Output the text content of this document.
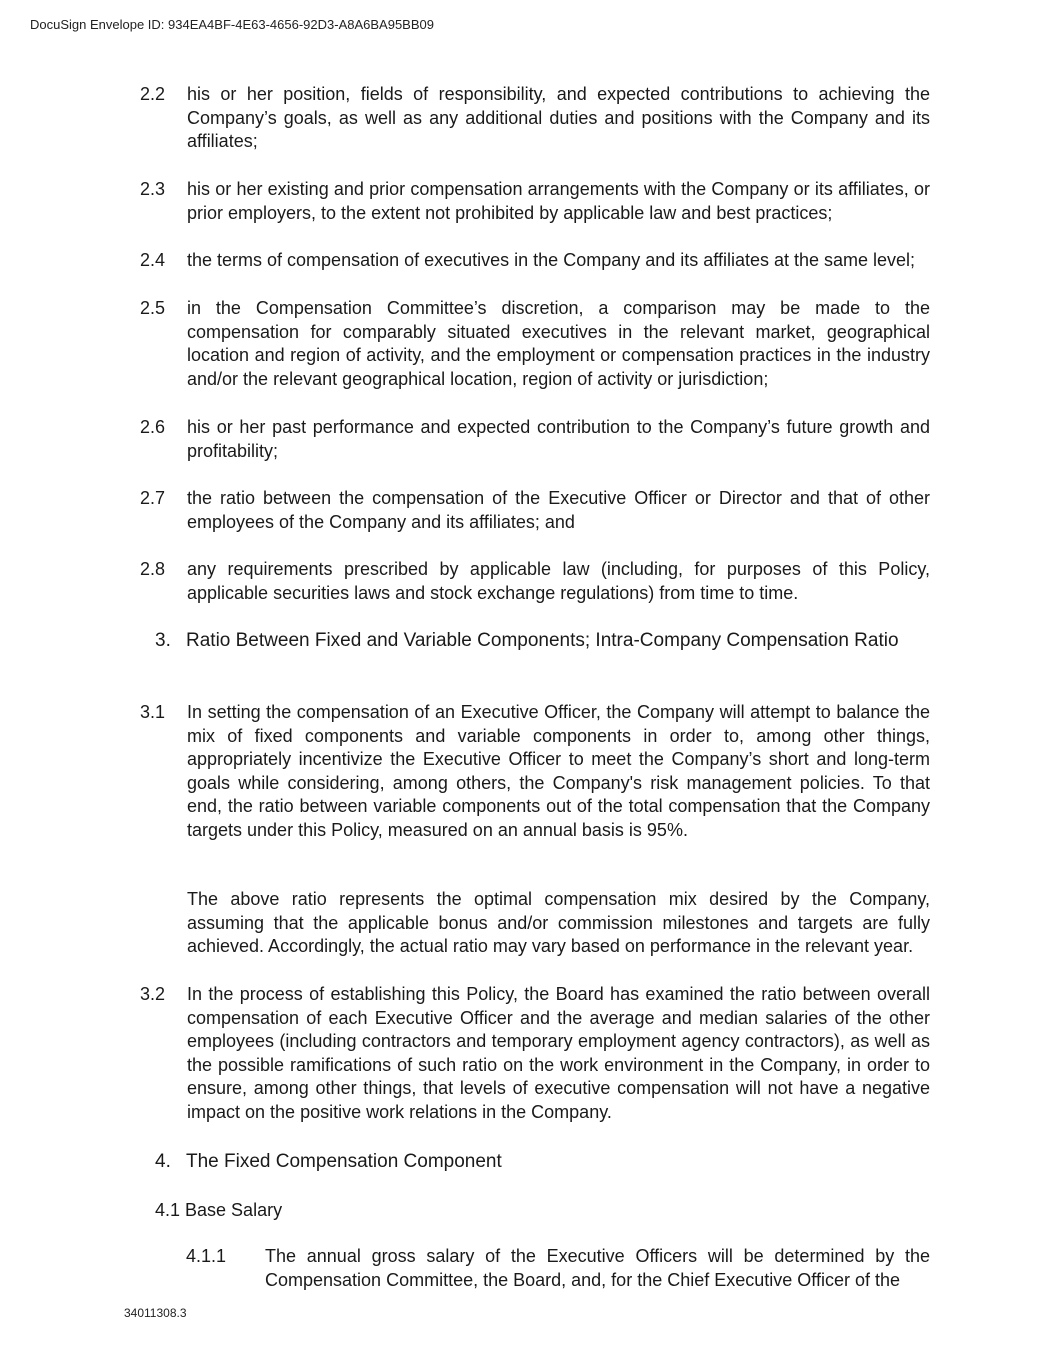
DocuSign Envelope ID: 934EA4BF-4E63-4656-92D3-A8A6BA95BB09
2.2 his or her position, fields of responsibility, and expected contributions to achieving the Company’s goals, as well as any additional duties and positions with the Company and its affiliates;
2.3 his or her existing and prior compensation arrangements with the Company or its affiliates, or prior employers, to the extent not prohibited by applicable law and best practices;
2.4 the terms of compensation of executives in the Company and its affiliates at the same level;
2.5 in the Compensation Committee’s discretion, a comparison may be made to the compensation for comparably situated executives in the relevant market, geographical location and region of activity, and the employment or compensation practices in the industry and/or the relevant geographical location, region of activity or jurisdiction;
2.6 his or her past performance and expected contribution to the Company’s future growth and profitability;
2.7 the ratio between the compensation of the Executive Officer or Director and that of other employees of the Company and its affiliates; and
2.8 any requirements prescribed by applicable law (including, for purposes of this Policy, applicable securities laws and stock exchange regulations) from time to time.
3. Ratio Between Fixed and Variable Components; Intra-Company Compensation Ratio
3.1 In setting the compensation of an Executive Officer, the Company will attempt to balance the mix of fixed components and variable components in order to, among other things, appropriately incentivize the Executive Officer to meet the Company’s short and long-term goals while considering, among others, the Company's risk management policies. To that end, the ratio between variable components out of the total compensation that the Company targets under this Policy, measured on an annual basis is 95%.
The above ratio represents the optimal compensation mix desired by the Company, assuming that the applicable bonus and/or commission milestones and targets are fully achieved. Accordingly, the actual ratio may vary based on performance in the relevant year.
3.2 In the process of establishing this Policy, the Board has examined the ratio between overall compensation of each Executive Officer and the average and median salaries of the other employees (including contractors and temporary employment agency contractors), as well as the possible ramifications of such ratio on the work environment in the Company, in order to ensure, among other things, that levels of executive compensation will not have a negative impact on the positive work relations in the Company.
4. The Fixed Compensation Component
4.1 Base Salary
4.1.1 The annual gross salary of the Executive Officers will be determined by the Compensation Committee, the Board, and, for the Chief Executive Officer of the
34011308.3
